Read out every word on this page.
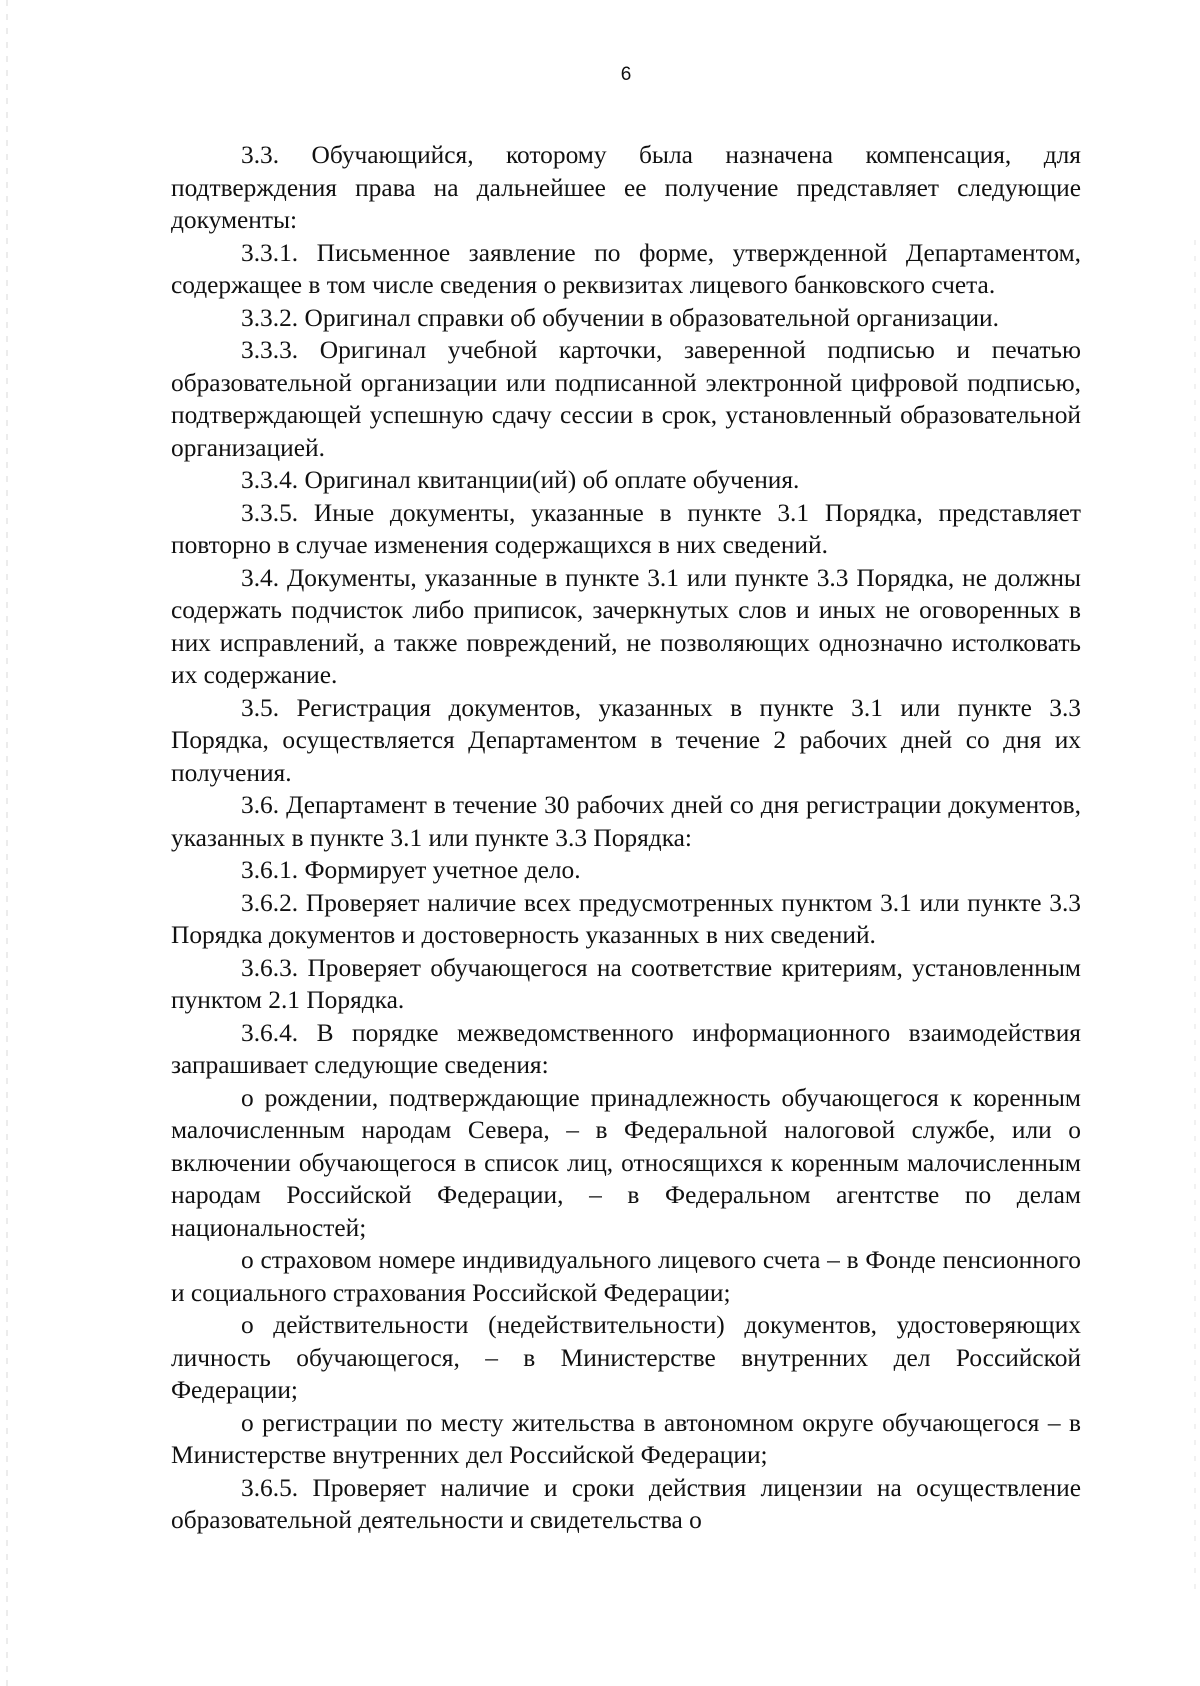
6

3.3. Обучающийся, которому была назначена компенсация, для подтверждения права на дальнейшее ее получение представляет следующие документы:

3.3.1. Письменное заявление по форме, утвержденной Департаментом, содержащее в том числе сведения о реквизитах лицевого банковского счета.

3.3.2. Оригинал справки об обучении в образовательной организации.

3.3.3. Оригинал учебной карточки, заверенной подписью и печатью образовательной организации или подписанной электронной цифровой подписью, подтверждающей успешную сдачу сессии в срок, установленный образовательной организацией.

3.3.4. Оригинал квитанции(ий) об оплате обучения.

3.3.5. Иные документы, указанные в пункте 3.1 Порядка, представляет повторно в случае изменения содержащихся в них сведений.

3.4. Документы, указанные в пункте 3.1 или пункте 3.3 Порядка, не должны содержать подчисток либо приписок, зачеркнутых слов и иных не оговоренных в них исправлений, а также повреждений, не позволяющих однозначно истолковать их содержание.

3.5. Регистрация документов, указанных в пункте 3.1 или пункте 3.3 Порядка, осуществляется Департаментом в течение 2 рабочих дней со дня их получения.

3.6. Департамент в течение 30 рабочих дней со дня регистрации документов, указанных в пункте 3.1 или пункте 3.3 Порядка:

3.6.1. Формирует учетное дело.

3.6.2. Проверяет наличие всех предусмотренных пунктом 3.1 или пункте 3.3 Порядка документов и достоверность указанных в них сведений.

3.6.3. Проверяет обучающегося на соответствие критериям, установленным пунктом 2.1 Порядка.

3.6.4. В порядке межведомственного информационного взаимодействия запрашивает следующие сведения:

о рождении, подтверждающие принадлежность обучающегося к коренным малочисленным народам Севера, – в Федеральной налоговой службе, или о включении обучающегося в список лиц, относящихся к коренным малочисленным народам Российской Федерации, – в Федеральном агентстве по делам национальностей;

о страховом номере индивидуального лицевого счета – в Фонде пенсионного и социального страхования Российской Федерации;

о действительности (недействительности) документов, удостоверяющих личность обучающегося, – в Министерстве внутренних дел Российской Федерации;

о регистрации по месту жительства в автономном округе обучающегося – в Министерстве внутренних дел Российской Федерации;

3.6.5. Проверяет наличие и сроки действия лицензии на осуществление образовательной деятельности и свидетельства о
